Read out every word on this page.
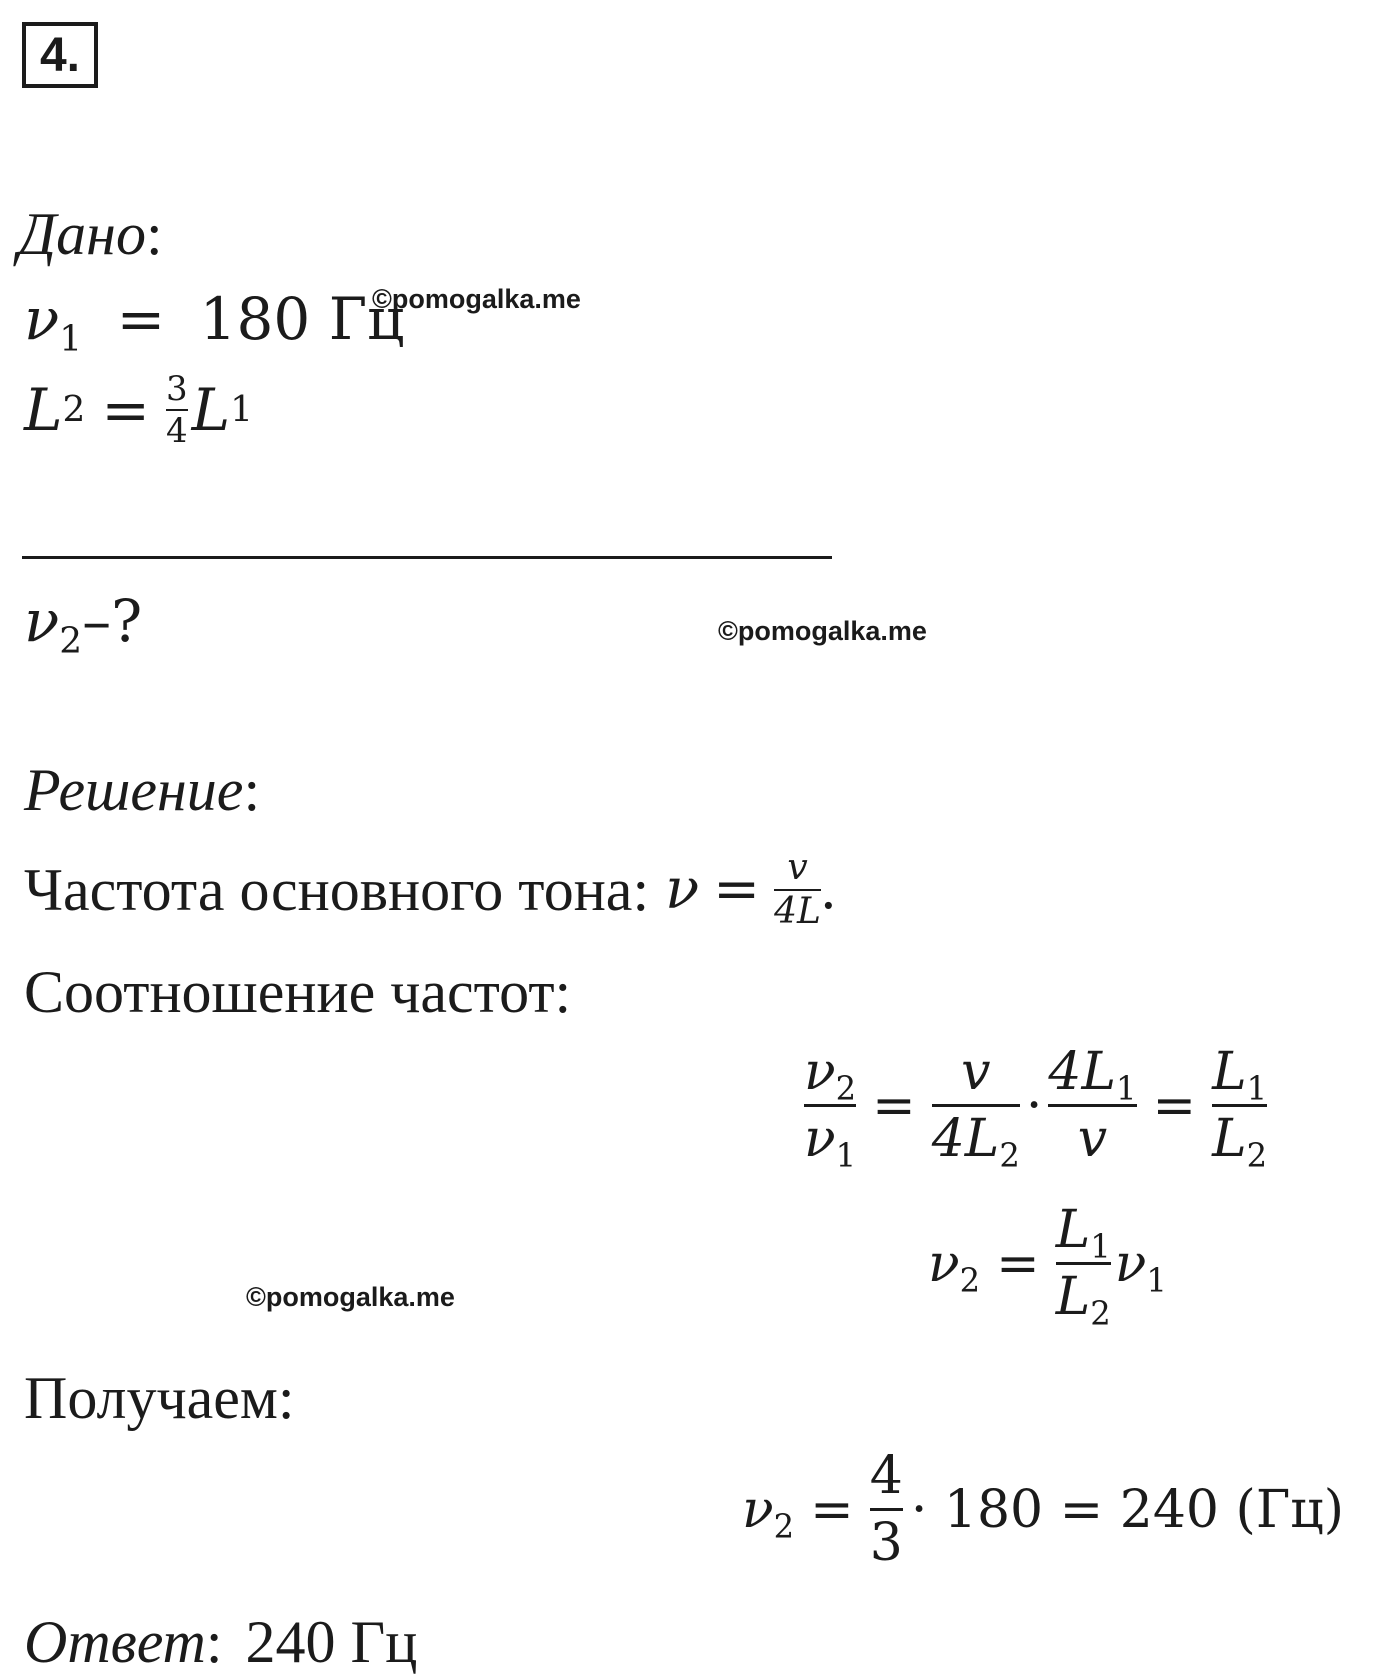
4.
Дано:
$\nu_1 = 180$ Гц
©pomogalka.me
L $2 = \frac{3}{4}$ L 1
$\nu_2-$?	©pomogalka.me
Решение:
Частота основного тона: $\nu = \frac{v}{4L}$ .
Соотношение частот:
$\frac{\nu_2}{\nu_1} = \frac{v}{4L_2} \cdot \frac{4L_1}{v} = \frac{L_1}{L_2}$
$\nu_2 = \frac{L_1}{L_2} \nu_1$
©pomogalka.me
Получаем:
$\nu_2 = \frac{4}{3} \cdot 180 = 240$ (Гц)
Ответ: 240 Гц
